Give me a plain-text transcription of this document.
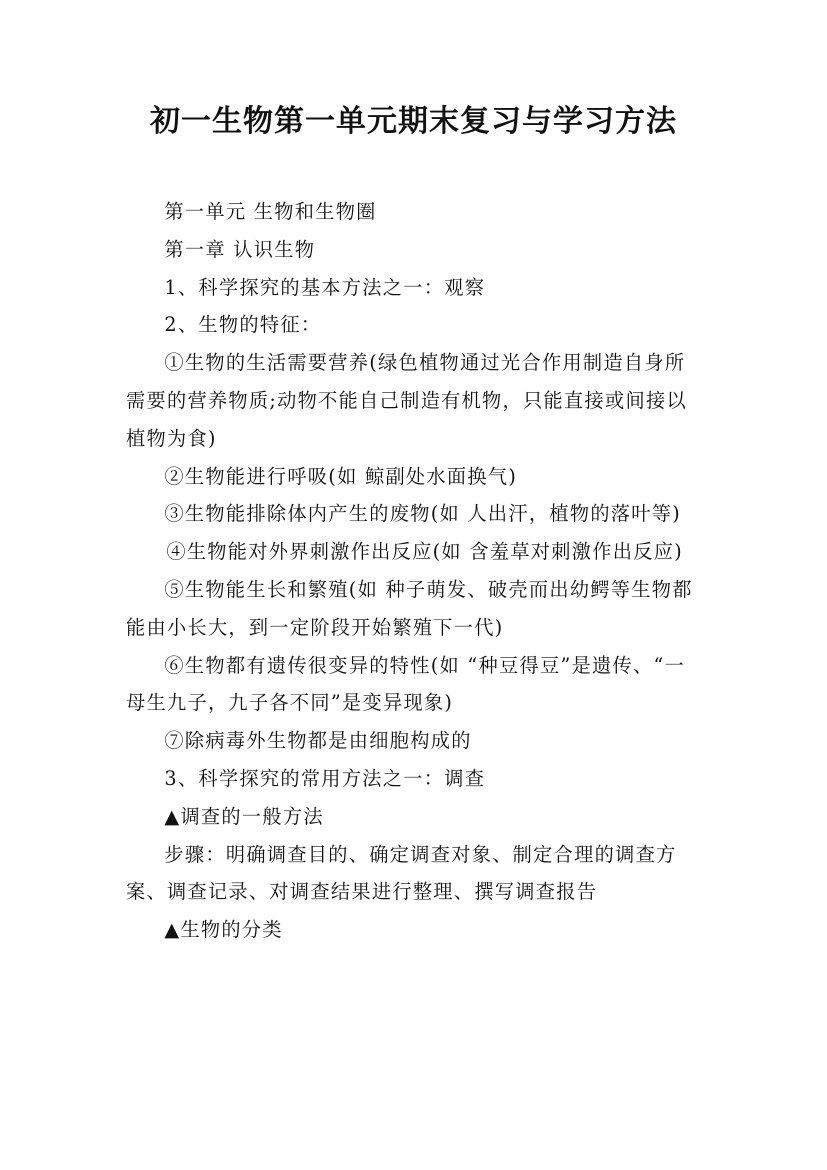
初一生物第一单元期末复习与学习方法

第一单元 生物和生物圈

第一章 认识生物

1、科学探究的基本方法之一：观察

2、生物的特征：

①生物的生活需要营养(绿色植物通过光合作用制造自身所需要的营养物质;动物不能自己制造有机物，只能直接或间接以植物为食)

②生物能进行呼吸(如 鲸副处水面换气)

③生物能排除体内产生的废物(如 人出汗，植物的落叶等)

④生物能对外界刺激作出反应(如 含羞草对刺激作出反应)

⑤生物能生长和繁殖(如 种子萌发、破壳而出幼鳄等生物都能由小长大，到一定阶段开始繁殖下一代)

⑥生物都有遗传很变异的特性(如 “种豆得豆”是遗传、“一母生九子，九子各不同”是变异现象)

⑦除病毒外生物都是由细胞构成的

3、科学探究的常用方法之一：调查

▲调查的一般方法

步骤：明确调查目的、确定调查对象、制定合理的调查方案、调查记录、对调查结果进行整理、撰写调查报告

▲生物的分类
